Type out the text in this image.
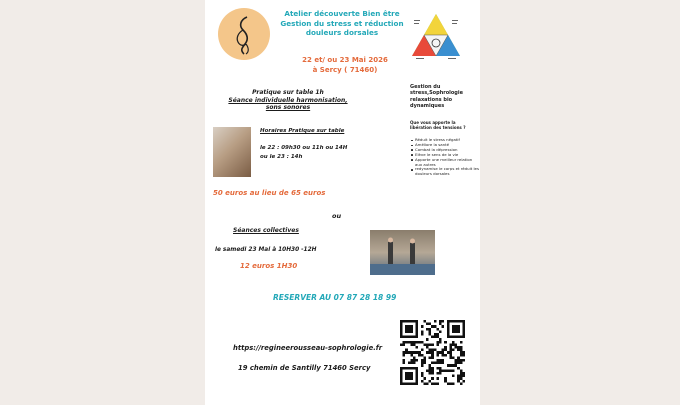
Atelier découverte Bien être
Gestion du stress et réduction
douleurs dorsales
22 et/ ou 23 Mai 2026
à Sercy ( 71460)
Gestion du
stress,Sophrologie
relaxations bio
dynamiques
Que vous apporte la
libération des tensions ?
Réduit le stress négatif
Améliore la santé
Combat la dépression
Elève le sens de la vie
Apporte une meilleur relation aux autres
redynamise le corps et réduit les douleurs dorsales
Pratique sur table 1h
Séance individuelle harmonisation,
sons sonores
Horaires Pratique sur table
le 22 : 09h30 ou 11h ou 14H
ou le 23 : 14h
50 euros au lieu de 65 euros
ou
Séances collectives
le samedi 23 Mai à 10H30 -12H
12 euros 1H30
RESERVER AU 07 87 28 18 99
https://regineerousseau-sophrologie.fr
19 chemin de Santilly 71460 Sercy
